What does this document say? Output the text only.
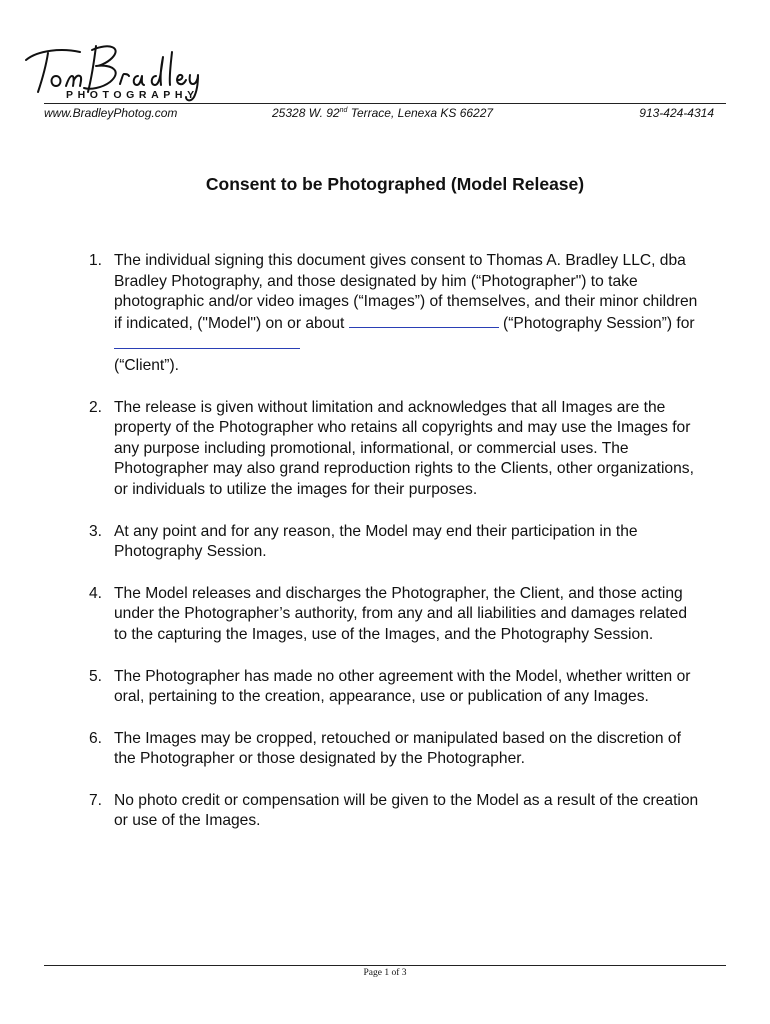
PHOTOGRAPHY
www.BradleyPhotog.com	25328 W. 92nd Terrace, Lenexa KS 66227	913-424-4314
Consent to be Photographed (Model Release)
1. The individual signing this document gives consent to Thomas A. Bradley LLC, dba Bradley Photography, and those designated by him (“Photographer") to take photographic and/or video images (“Images”) of themselves, and their minor children if indicated, ("Model") on or about	(“Photography Session”) for
(“Client”).
2. The release is given without limitation and acknowledges that all Images are the property of the Photographer who retains all copyrights and may use the Images for any purpose including promotional, informational, or commercial uses. The Photographer may also grand reproduction rights to the Clients, other organizations, or individuals to utilize the images for their purposes.
3. At any point and for any reason, the Model may end their participation in the Photography Session.
4. The Model releases and discharges the Photographer, the Client, and those acting under the Photographer’s authority, from any and all liabilities and damages related to the capturing the Images, use of the Images, and the Photography Session.
5. The Photographer has made no other agreement with the Model, whether written or oral, pertaining to the creation, appearance, use or publication of any Images.
6. The Images may be cropped, retouched or manipulated based on the discretion of the Photographer or those designated by the Photographer.
7. No photo credit or compensation will be given to the Model as a result of the creation or use of the Images.
Page 1 of 3
